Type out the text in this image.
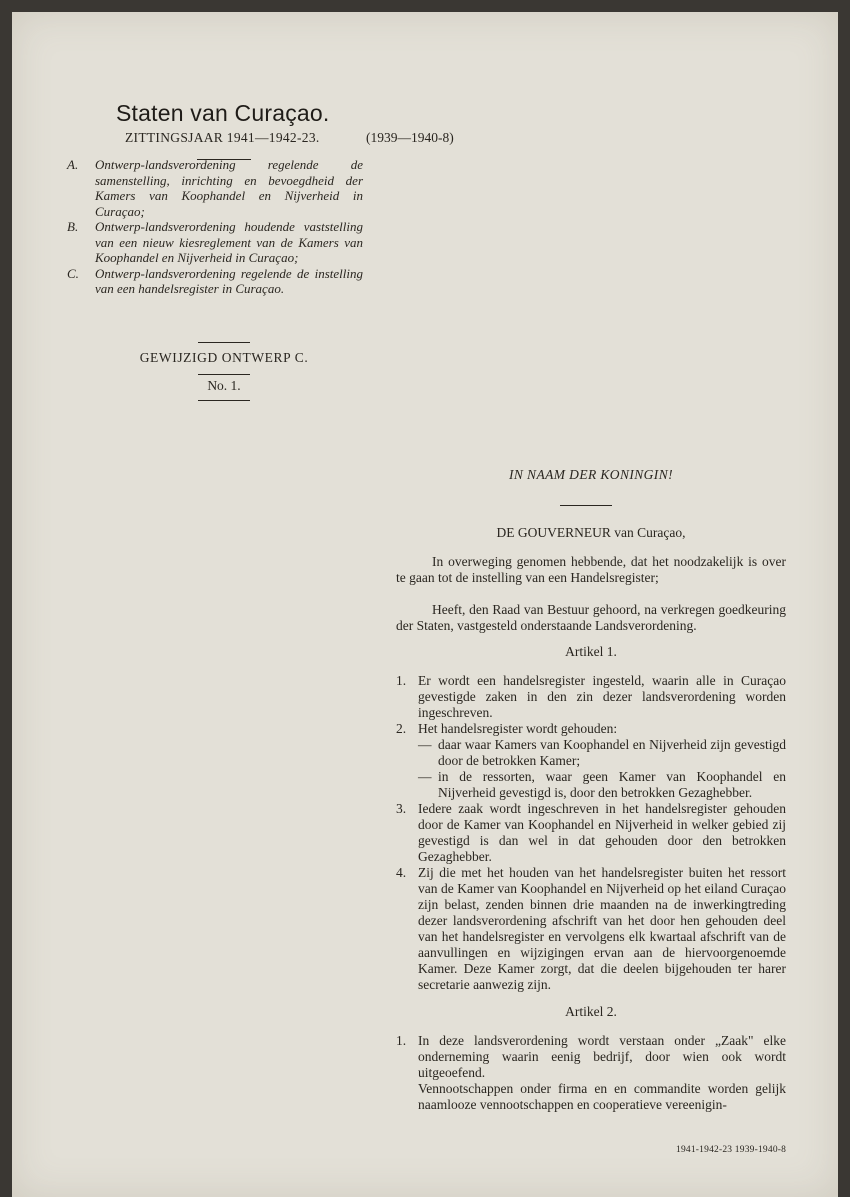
Staten van Curaçao.
ZITTINGSJAAR 1941—1942-23.	(1939—1940-8)
A.	Ontwerp-landsverordening regelende de samenstelling, inrichting en bevoegdheid der Kamers van Koophandel en Nijverheid in Curaçao;
B.	Ontwerp-landsverordening houdende vaststelling van een nieuw kiesreglement van de Kamers van Koophandel en Nijverheid in Curaçao;
C.	Ontwerp-landsverordening regelende de instelling van een handelsregister in Curaçao.
GEWIJZIGD ONTWERP C.
No. 1.
IN NAAM DER KONINGIN!
DE GOUVERNEUR van Curaçao,
In overweging genomen hebbende, dat het noodzakelijk is over te gaan tot de instelling van een Handelsregister;
Heeft, den Raad van Bestuur gehoord, na verkregen goedkeuring der Staten, vastgesteld onderstaande Landsverordening.
Artikel 1.
1. Er wordt een handelsregister ingesteld, waarin alle in Curaçao gevestigde zaken in den zin dezer landsverordening worden ingeschreven.
2. Het handelsregister wordt gehouden:
— daar waar Kamers van Koophandel en Nijverheid zijn gevestigd door de betrokken Kamer;
— in de ressorten, waar geen Kamer van Koophandel en Nijverheid gevestigd is, door den betrokken Gezaghebber.
3. Iedere zaak wordt ingeschreven in het handelsregister gehouden door de Kamer van Koophandel en Nijverheid in welker gebied zij gevestigd is dan wel in dat gehouden door den betrokken Gezaghebber.
4. Zij die met het houden van het handelsregister buiten het ressort van de Kamer van Koophandel en Nijverheid op het eiland Curaçao zijn belast, zenden binnen drie maanden na de inwerkingtreding dezer landsverordening afschrift van het door hen gehouden deel van het handelsregister en vervolgens elk kwartaal afschrift van de aanvullingen en wijzigingen ervan aan de hiervoorgenoemde Kamer. Deze Kamer zorgt, dat die deelen bijgehouden ter harer secretarie aanwezig zijn.
Artikel 2.
1. In deze landsverordening wordt verstaan onder „Zaak" elke onderneming waarin eenig bedrijf, door wien ook wordt uitgeoefend.
Vennootschappen onder firma en en commandite worden gelijk naamlooze vennootschappen en cooperatieve vereenigin-
1941-1942-23 1939-1940-8
